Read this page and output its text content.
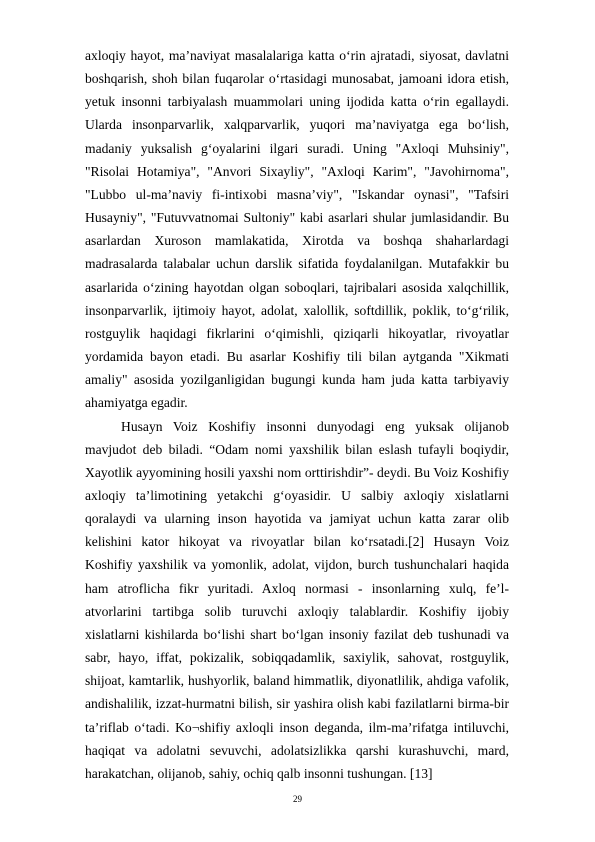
axloqiy hayot, ma’naviyat masalalariga katta o‘rin ajratadi, siyosat, davlatni boshqarish, shoh bilan fuqarolar o‘rtasidagi munosabat, jamoani idora etish, yetuk insonni tarbiyalash muammolari uning ijodida katta o‘rin egallaydi. Ularda insonparvarlik, xalqparvarlik, yuqori ma’naviyatga ega bo‘lish, madaniy yuksalish g‘oyalarini ilgari suradi. Uning "Axloqi Muhsiniy", "Risolai Hotamiya", "Anvori Sixayliy", "Axloqi Karim", "Javohirnoma", "Lubbo ul-ma’naviy fi-intixobi masna’viy", "Iskandar oynasi", "Tafsiri Husayniy", "Futuvvatnomai Sultoniy" kabi asarlari shular jumlasidandir. Bu asarlardan Xuroson mamlakatida, Xirotda va boshqa shaharlardagi madrasalarda talabalar uchun darslik sifatida foydalanilgan. Mutafakkir bu asarlarida o‘zining hayotdan olgan soboqlari, tajribalari asosida xalqchillik, insonparvarlik, ijtimoiy hayot, adolat, xalollik, softdillik, poklik, to‘g‘rilik, rostguylik haqidagi fikrlarini o‘qimishli, qiziqarli hikoyatlar, rivoyatlar yordamida bayon etadi. Bu asarlar Koshifiy tili bilan aytganda "Xikmati amaliy" asosida yozilganligidan bugungi kunda ham juda katta tarbiyaviy ahamiyatga egadir.

Husayn Voiz Koshifiy insonni dunyodagi eng yuksak olijanob mavjudot deb biladi. “Odam nomi yaxshilik bilan eslash tufayli boqiydir, Xayotlik ayyomining hosili yaxshi nom orttirishdir”- deydi. Bu Voiz Koshifiy axloqiy ta’limotining yetakchi g‘oyasidir. U salbiy axloqiy xislatlarni qoralaydi va ularning inson hayotida va jamiyat uchun katta zarar olib kelishini kator hikoyat va rivoyatlar bilan ko‘rsatadi.[2] Husayn Voiz Koshifiy yaxshilik va yomonlik, adolat, vijdon, burch tushunchalari haqida ham atroflicha fikr yuritadi. Axloq normasi - insonlarning xulq, fe’l-atvorlarini tartibga solib turuvchi axloqiy talablardir. Koshifiy ijobiy xislatlarni kishilarda bo‘lishi shart bo‘lgan insoniy fazilat deb tushunadi va sabr, hayo, iffat, pokizalik, sobiqqadamlik, saxiylik, sahovat, rostguylik, shijoat, kamtarlik, hushyorlik, baland himmatlik, diyonatlilik, ahdiga vafolik, andishalilik, izzat-hurmatni bilish, sir yashira olish kabi fazilatlarni birma-bir ta’riflab o‘tadi. Ko¬shifiy axloqli inson deganda, ilm-ma’rifatga intiluvchi, haqiqat va adolatni sevuvchi, adolatsizlikka qarshi kurashuvchi, mard, harakatchan, olijanob, sahiy, ochiq qalb insonni tushungan. [13]

29
